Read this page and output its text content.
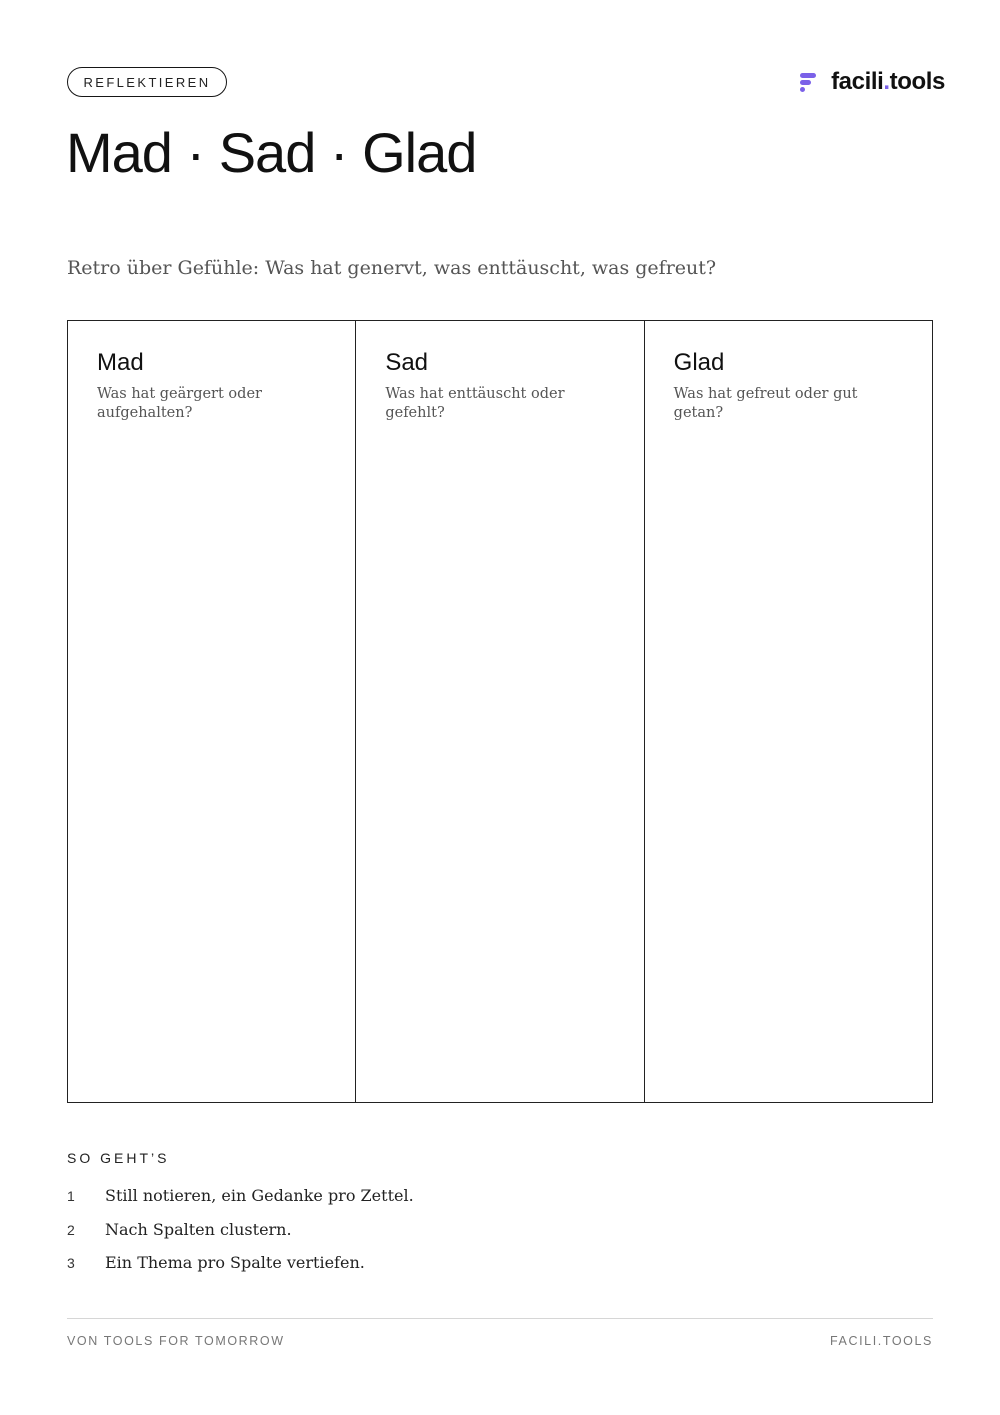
REFLEKTIEREN	facili.tools
Mad · Sad · Glad

Retro über Gefühle: Was hat genervt, was enttäuscht, was gefreut?

Mad

Was hat geärgert oder aufgehalten?

Sad

Was hat enttäuscht oder gefehlt?

Glad

Was hat gefreut oder gut getan?

SO GEHT’S
1	Still notieren, ein Gedanke pro Zettel.
2	Nach Spalten clustern.
3	Ein Thema pro Spalte vertiefen.
VON TOOLS FOR TOMORROW	FACILI.TOOLS
